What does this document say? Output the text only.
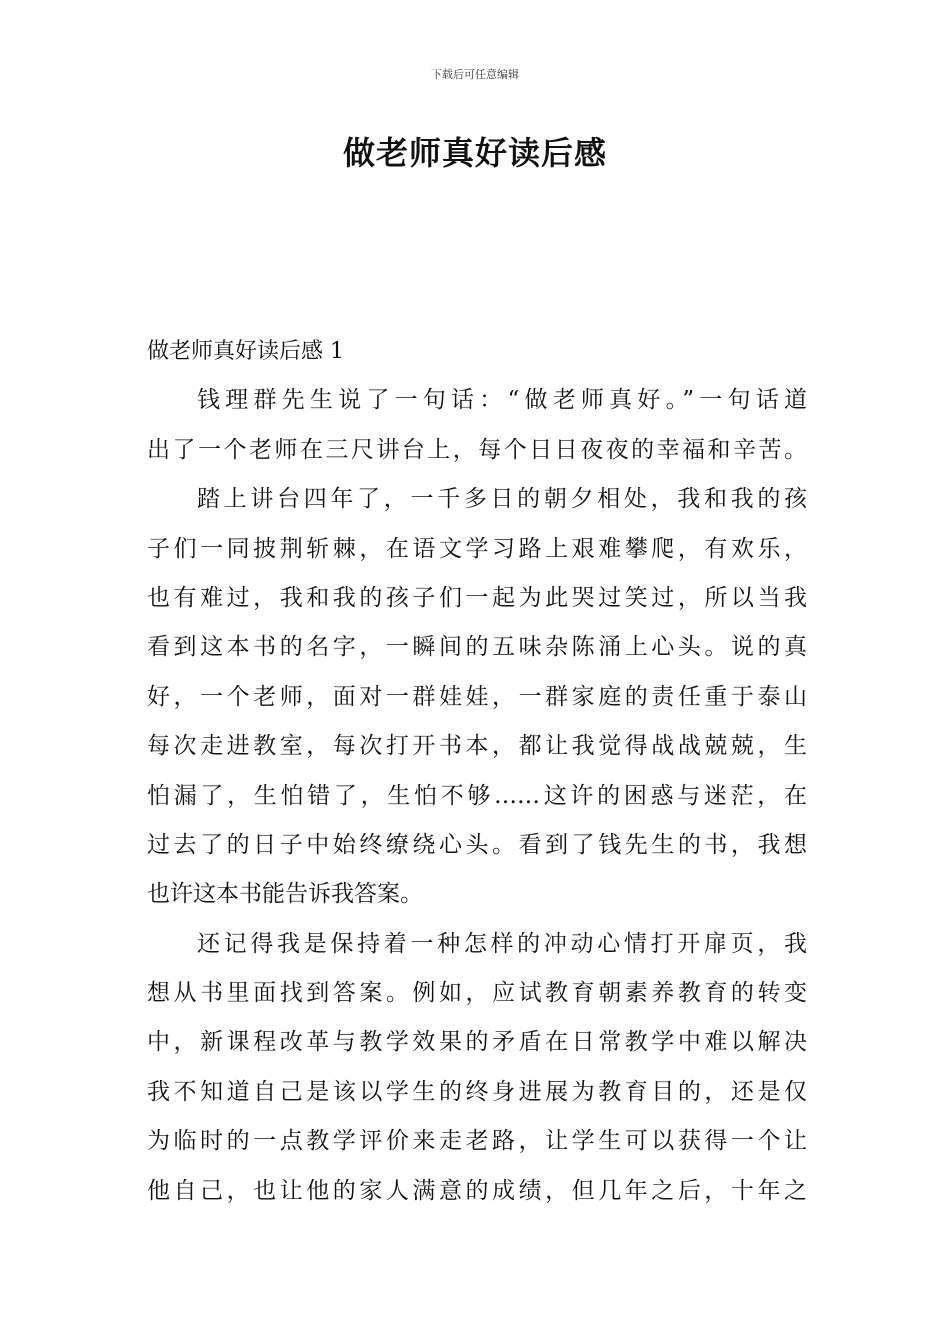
下载后可任意编辑
做老师真好读后感
做老师真好读后感 1
钱理群先生说了一句话：“做老师真好。”一句话道
出了一个老师在三尺讲台上，每个日日夜夜的幸福和辛苦。
踏上讲台四年了，一千多日的朝夕相处，我和我的孩
子们一同披荆斩棘，在语文学习路上艰难攀爬，有欢乐，
也有难过，我和我的孩子们一起为此哭过笑过，所以当我
看到这本书的名字，一瞬间的五味杂陈涌上心头。说的真
好，一个老师，面对一群娃娃，一群家庭的责任重于泰山
每次走进教室，每次打开书本，都让我觉得战战兢兢，生
怕漏了，生怕错了，生怕不够……这许的困惑与迷茫，在
过去了的日子中始终缭绕心头。看到了钱先生的书，我想
也许这本书能告诉我答案。
还记得我是保持着一种怎样的冲动心情打开扉页，我
想从书里面找到答案。例如，应试教育朝素养教育的转变
中，新课程改革与教学效果的矛盾在日常教学中难以解决
我不知道自己是该以学生的终身进展为教育目的，还是仅
为临时的一点教学评价来走老路，让学生可以获得一个让
他自己，也让他的家人满意的成绩，但几年之后，十年之
